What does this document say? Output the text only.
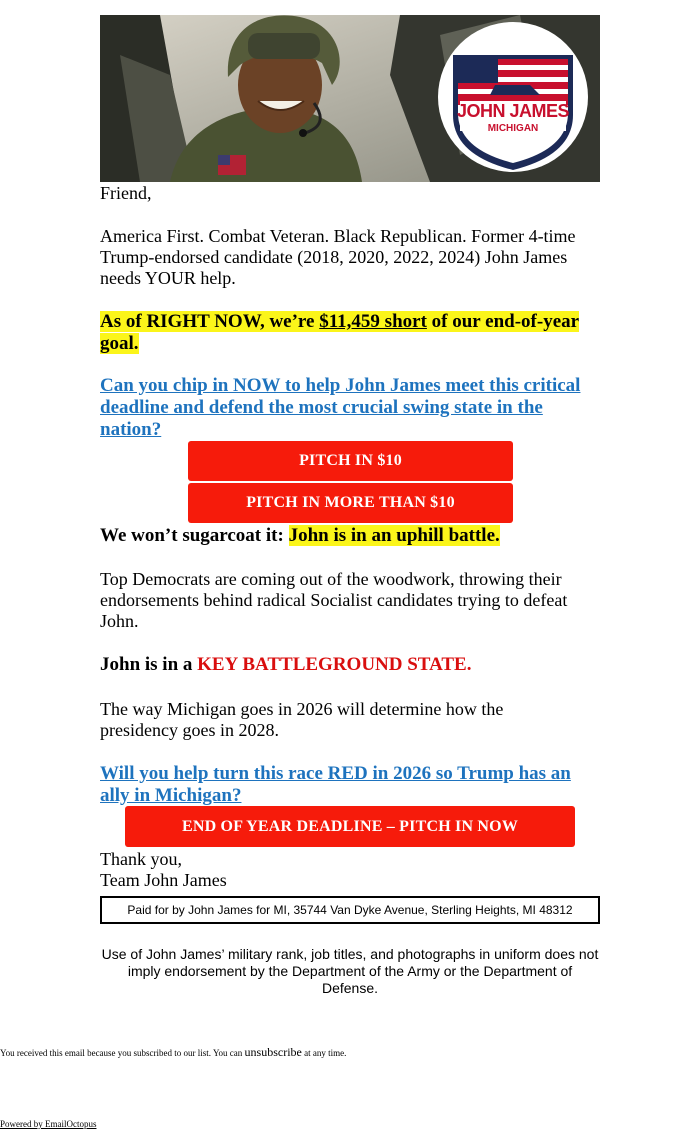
JOHN JAMES
MICHIGAN

Friend,

America First. Combat Veteran. Black Republican. Former 4-time Trump-endorsed candidate (2018, 2020, 2022, 2024) John James needs YOUR help.

As of RIGHT NOW, we’re $11,459 short of our end-of-year goal.

Can you chip in NOW to help John James meet this critical deadline and defend the most crucial swing state in the nation?
PITCH IN $10
PITCH IN MORE THAN $10

We won’t sugarcoat it: John is in an uphill battle.

Top Democrats are coming out of the woodwork, throwing their endorsements behind radical Socialist candidates trying to defeat John.

John is in a KEY BATTLEGROUND STATE.

The way Michigan goes in 2026 will determine how the presidency goes in 2028.

Will you help turn this race RED in 2026 so Trump has an ally in Michigan?
END OF YEAR DEADLINE – PITCH IN NOW

Thank you,

Team John James

Paid for by John James for MI, 35744 Van Dyke Avenue, Sterling Heights, MI 48312
Use of John James’ military rank, job titles, and photographs in uniform does not imply endorsement by the Department of the Army or the Department of Defense.
You received this email because you subscribed to our list. You can unsubscribe at any time.
Powered by EmailOctopus
